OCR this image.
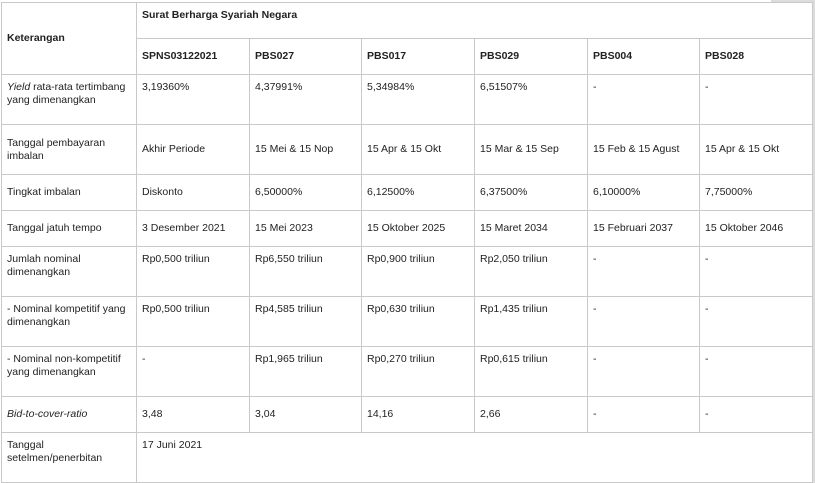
Keterangan	Surat Berharga Syariah Negara					
	SPNS03122021	PBS027	PBS017	PBS029	PBS004	PBS028
Yield rata-rata tertimbang yang dimenangkan	3,19360%	4,37991%	5,34984%	6,51507%	-	-
Tanggal pembayaran imbalan	Akhir Periode	15 Mei & 15 Nop	15 Apr & 15 Okt	15 Mar & 15 Sep	15 Feb & 15 Agust	15 Apr & 15 Okt
Tingkat imbalan	Diskonto	6,50000%	6,12500%	6,37500%	6,10000%	7,75000%
Tanggal jatuh tempo	3 Desember 2021	15 Mei 2023	15 Oktober 2025	15 Maret 2034	15 Februari 2037	15 Oktober 2046
Jumlah nominal dimenangkan	Rp0,500 triliun	Rp6,550 triliun	Rp0,900 triliun	Rp2,050 triliun	-	-
- Nominal kompetitif yang dimenangkan	Rp0,500 triliun	Rp4,585 triliun	Rp0,630 triliun	Rp1,435 triliun	-	-
- Nominal non-kompetitif yang dimenangkan	-	Rp1,965 triliun	Rp0,270 triliun	Rp0,615 triliun	-	-
Bid-to-cover-ratio	3,48	3,04	14,16	2,66	-	-
Tanggal setelmen/penerbitan	17 Juni 2021					
